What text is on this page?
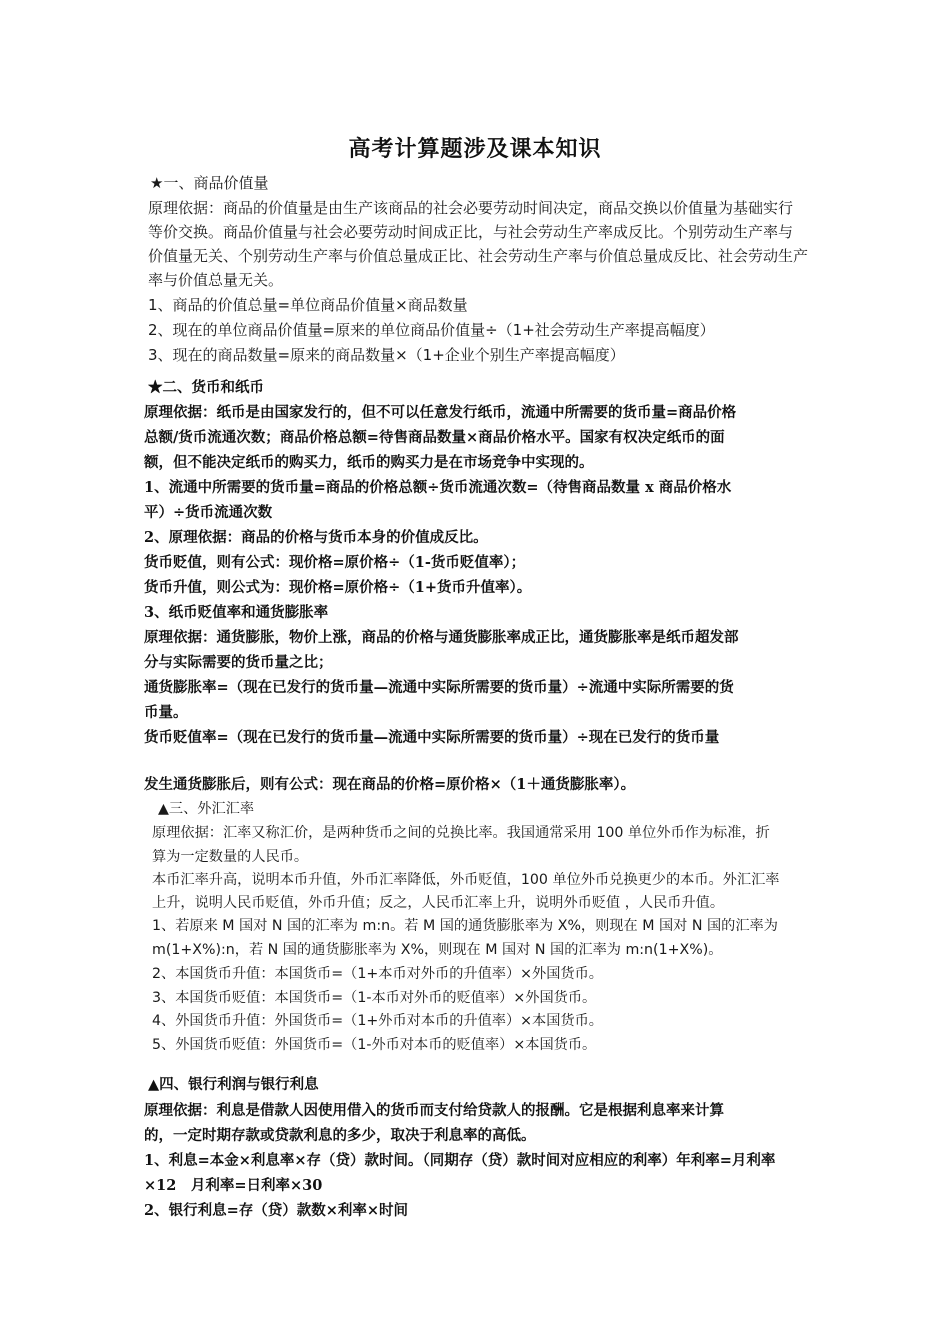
高考计算题涉及课本知识
★一、商品价值量
原理依据：商品的价值量是由生产该商品的社会必要劳动时间决定，商品交换以价值量为基础实行
等价交换。商品价值量与社会必要劳动时间成正比，与社会劳动生产率成反比。个别劳动生产率与
价值量无关、个别劳动生产率与价值总量成正比、社会劳动生产率与价值总量成反比、社会劳动生产
率与价值总量无关。
1、商品的价值总量=单位商品价值量×商品数量
2、现在的单位商品价值量=原来的单位商品价值量÷（1+社会劳动生产率提高幅度）
3、现在的商品数量=原来的商品数量×（1+企业个别生产率提高幅度）
★二、货币和纸币
原理依据：纸币是由国家发行的，但不可以任意发行纸币，流通中所需要的货币量=商品价格
总额/货币流通次数；商品价格总额=待售商品数量×商品价格水平。国家有权决定纸币的面
额，但不能决定纸币的购买力，纸币的购买力是在市场竞争中实现的。
1、流通中所需要的货币量=商品的价格总额÷货币流通次数=（待售商品数量 x 商品价格水
平）÷货币流通次数
2、原理依据：商品的价格与货币本身的价值成反比。
货币贬值，则有公式：现价格=原价格÷（1-货币贬值率）；
货币升值，则公式为：现价格=原价格÷（1+货币升值率）。
3、纸币贬值率和通货膨胀率
原理依据：通货膨胀，物价上涨，商品的价格与通货膨胀率成正比，通货膨胀率是纸币超发部
分与实际需要的货币量之比；
通货膨胀率=（现在已发行的货币量—流通中实际所需要的货币量）÷流通中实际所需要的货
币量。
货币贬值率=（现在已发行的货币量—流通中实际所需要的货币量）÷现在已发行的货币量
发生通货膨胀后，则有公式：现在商品的价格=原价格×（1＋通货膨胀率）。
▲三、外汇汇率
原理依据：汇率又称汇价，是两种货币之间的兑换比率。我国通常采用 100 单位外币作为标准，折
算为一定数量的人民币。
本币汇率升高，说明本币升值，外币汇率降低，外币贬值，100 单位外币兑换更少的本币。外汇汇率
上升，说明人民币贬值，外币升值；反之，人民币汇率上升，说明外币贬值 ，人民币升值。
1、若原来 M 国对 N 国的汇率为 m:n。若 M 国的通货膨胀率为 X%，则现在 M 国对 N 国的汇率为
m(1+X%):n，若 N 国的通货膨胀率为 X%，则现在 M 国对 N 国的汇率为 m:n(1+X%)。
2、本国货币升值：本国货币=（1+本币对外币的升值率）×外国货币。
3、本国货币贬值：本国货币=（1-本币对外币的贬值率）×外国货币。
4、外国货币升值：外国货币=（1+外币对本币的升值率）×本国货币。
5、外国货币贬值：外国货币=（1-外币对本币的贬值率）×本国货币。
▲四、银行利润与银行利息
原理依据：利息是借款人因使用借入的货币而支付给贷款人的报酬。它是根据利息率来计算
的，一定时期存款或贷款利息的多少，取决于利息率的高低。
1、利息=本金×利息率×存（贷）款时间。（同期存（贷）款时间对应相应的利率）年利率=月利率
×12　月利率=日利率×30
2、银行利息=存（贷）款数×利率×时间
